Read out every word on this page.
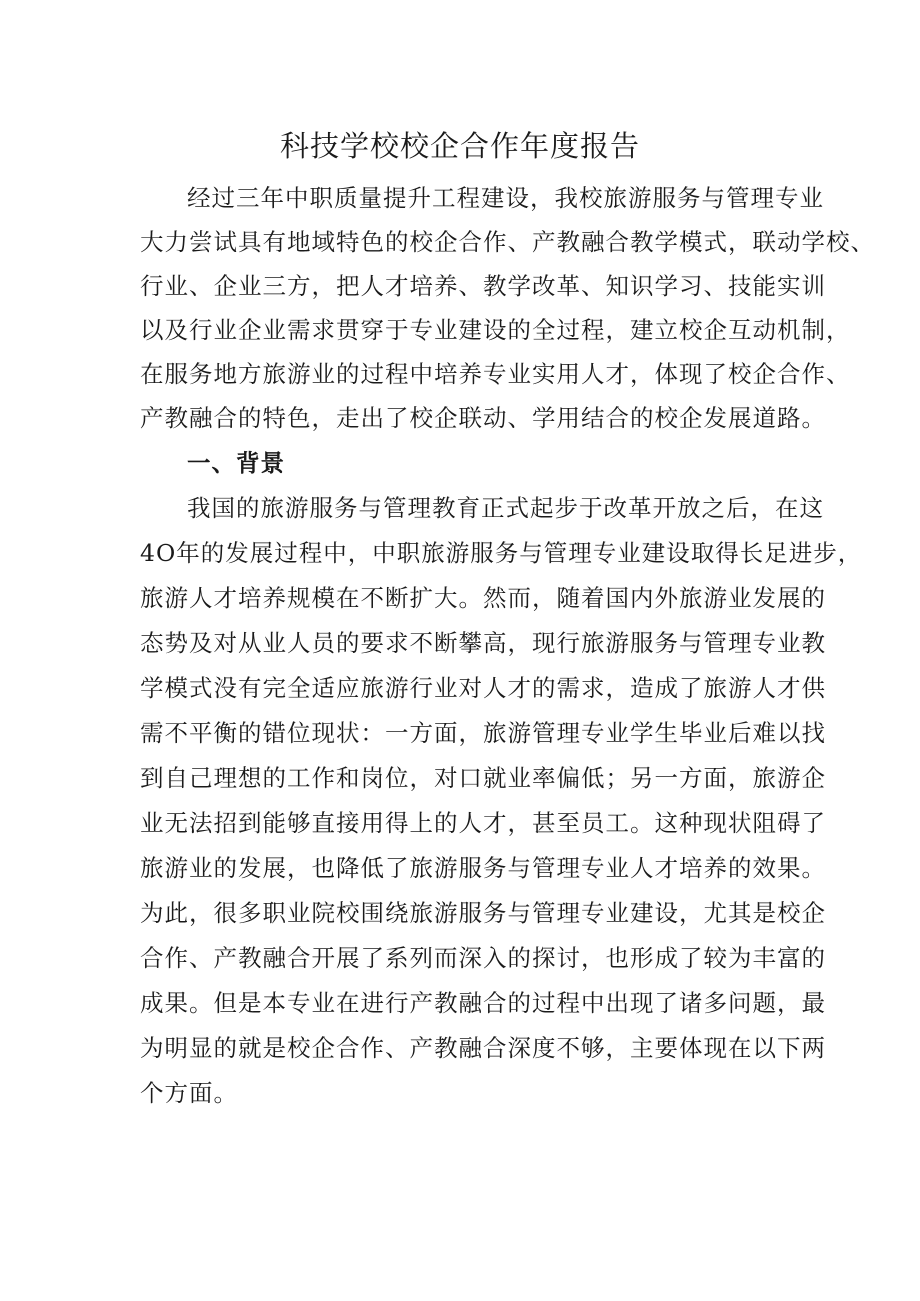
科技学校校企合作年度报告
经过三年中职质量提升工程建设，我校旅游服务与管理专业
大力尝试具有地域特色的校企合作、产教融合教学模式，联动学校、
行业、企业三方，把人才培养、教学改革、知识学习、技能实训
以及行业企业需求贯穿于专业建设的全过程，建立校企互动机制，
在服务地方旅游业的过程中培养专业实用人才，体现了校企合作、
产教融合的特色，走出了校企联动、学用结合的校企发展道路。
一、背景
我国的旅游服务与管理教育正式起步于改革开放之后，在这
4O年的发展过程中，中职旅游服务与管理专业建设取得长足进步，
旅游人才培养规模在不断扩大。然而，随着国内外旅游业发展的
态势及对从业人员的要求不断攀高，现行旅游服务与管理专业教
学模式没有完全适应旅游行业对人才的需求，造成了旅游人才供
需不平衡的错位现状：一方面，旅游管理专业学生毕业后难以找
到自己理想的工作和岗位，对口就业率偏低；另一方面，旅游企
业无法招到能够直接用得上的人才，甚至员工。这种现状阻碍了
旅游业的发展，也降低了旅游服务与管理专业人才培养的效果。
为此，很多职业院校围绕旅游服务与管理专业建设，尤其是校企
合作、产教融合开展了系列而深入的探讨，也形成了较为丰富的
成果。但是本专业在进行产教融合的过程中出现了诸多问题，最
为明显的就是校企合作、产教融合深度不够，主要体现在以下两
个方面。
